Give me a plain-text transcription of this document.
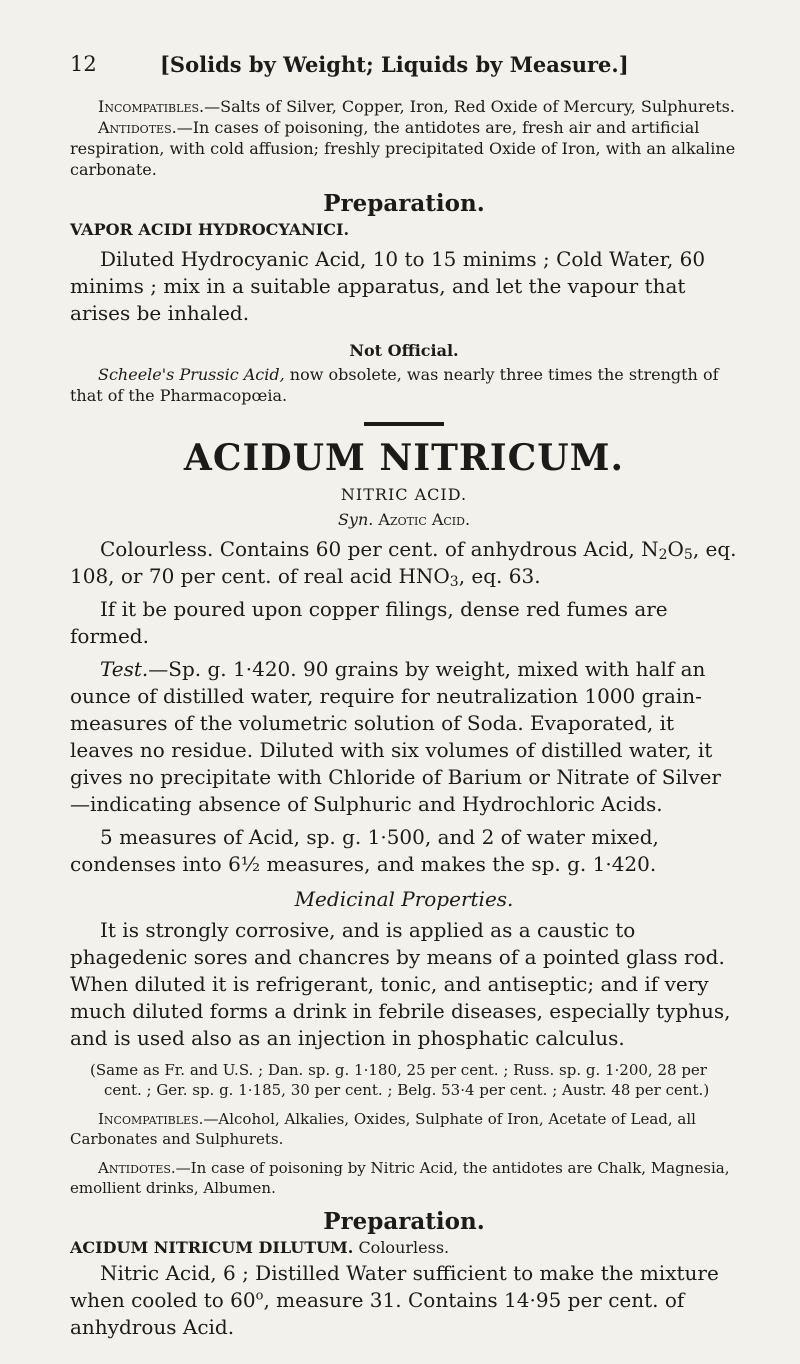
12	[Solids by Weight; Liquids by Measure.]

Incompatibles.—Salts of Silver, Copper, Iron, Red Oxide of Mercury, Sulphurets.

Antidotes.—In cases of poisoning, the antidotes are, fresh air and artificial respiration, with cold affusion; freshly precipitated Oxide of Iron, with an alkaline carbonate.

Preparation.

VAPOR ACIDI HYDROCYANICI.

Diluted Hydrocyanic Acid, 10 to 15 minims ; Cold Water, 60 minims ; mix in a suitable apparatus, and let the vapour that arises be inhaled.

Not Official.

Scheele's Prussic Acid, now obsolete, was nearly three times the strength of that of the Pharmacopœia.

ACIDUM NITRICUM.

NITRIC ACID.

Syn. Azotic Acid.

Colourless. Contains 60 per cent. of anhydrous Acid, $N_2O_5$, eq. 108, or 70 per cent. of real acid $HNO_3$, eq. 63.

If it be poured upon copper filings, dense red fumes are formed.

Test.—Sp. g. 1·420. 90 grains by weight, mixed with half an ounce of distilled water, require for neutralization 1000 grain-measures of the volumetric solution of Soda. Evaporated, it leaves no residue. Diluted with six volumes of distilled water, it gives no precipitate with Chloride of Barium or Nitrate of Silver—indicating absence of Sulphuric and Hydrochloric Acids.

5 measures of Acid, sp. g. 1·500, and 2 of water mixed, condenses into 6½ measures, and makes the sp. g. 1·420.

Medicinal Properties.

It is strongly corrosive, and is applied as a caustic to phagedenic sores and chancres by means of a pointed glass rod. When diluted it is refrigerant, tonic, and antiseptic; and if very much diluted forms a drink in febrile diseases, especially typhus, and is used also as an injection in phosphatic calculus.

(Same as Fr. and U.S. ; Dan. sp. g. 1·180, 25 per cent. ; Russ. sp. g. 1·200, 28 per cent. ; Ger. sp. g. 1·185, 30 per cent. ; Belg. 53·4 per cent. ; Austr. 48 per cent.)

Incompatibles.—Alcohol, Alkalies, Oxides, Sulphate of Iron, Acetate of Lead, all Carbonates and Sulphurets.

Antidotes.—In case of poisoning by Nitric Acid, the antidotes are Chalk, Magnesia, emollient drinks, Albumen.

Preparation.

ACIDUM NITRICUM DILUTUM. Colourless.

Nitric Acid, 6 ; Distilled Water sufficient to make the mixture when cooled to 60$^o$, measure 31. Contains 14·95 per cent. of anhydrous Acid.
